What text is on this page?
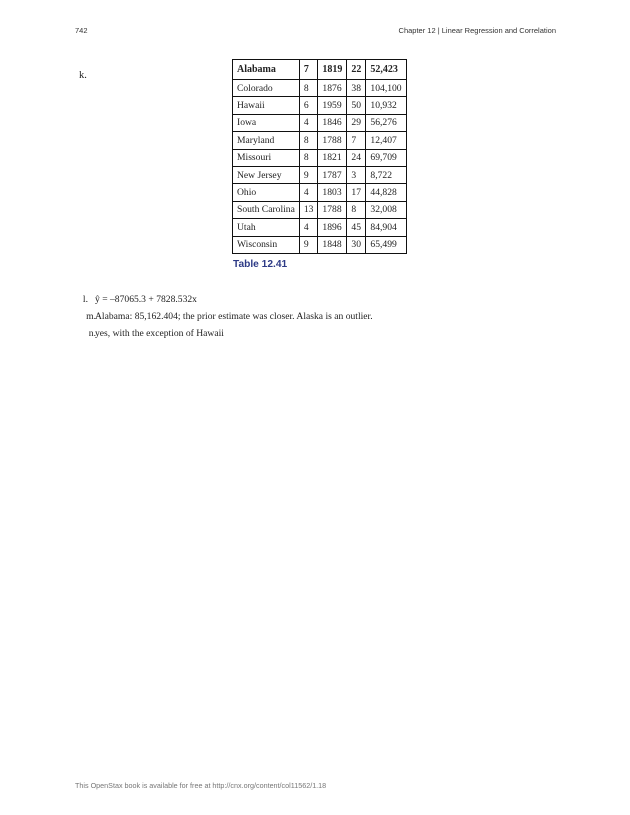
742	Chapter 12 | Linear Regression and Correlation
k.
Alabama	7	1819	22	52,423
Colorado	8	1876	38	104,100
Hawaii	6	1959	50	10,932
Iowa	4	1846	29	56,276
Maryland	8	1788	7	12,407
Missouri	8	1821	24	69,709
New Jersey	9	1787	3	8,722
Ohio	4	1803	17	44,828
South Carolina	13	1788	8	32,008
Utah	4	1896	45	84,904
Wisconsin	9	1848	30	65,499
Table 12.41
l. ŷ = –87065.3 + 7828.532x
m. Alabama: 85,162.404; the prior estimate was closer. Alaska is an outlier.
n. yes, with the exception of Hawaii
This OpenStax book is available for free at http://cnx.org/content/col11562/1.18
